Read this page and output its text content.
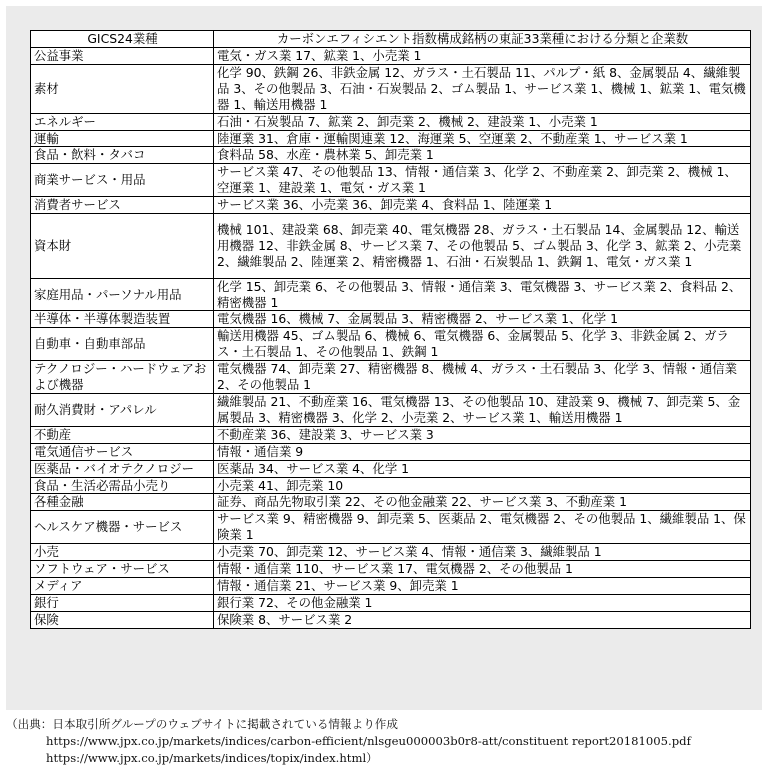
GICS24業種	カーボンエフィシエント指数構成銘柄の東証33業種における分類と企業数
公益事業	電気・ガス業 17、鉱業 1、小売業 1
素材	化学 90、鉄鋼 26、非鉄金属 12、ガラス・土石製品 11、パルプ・紙 8、金属製品 4、繊維製品 3、その他製品 3、石油・石炭製品 2、ゴム製品 1、サービス業 1、機械 1、鉱業 1、電気機器 1、輸送用機器 1
エネルギー	石油・石炭製品 7、鉱業 2、卸売業 2、機械 2、建設業 1、小売業 1
運輸	陸運業 31、倉庫・運輸関連業 12、海運業 5、空運業 2、不動産業 1、サービス業 1
食品・飲料・タバコ	食料品 58、水産・農林業 5、卸売業 1
商業サービス・用品	サービス業 47、その他製品 13、情報・通信業 3、化学 2、不動産業 2、卸売業 2、機械 1、空運業 1、建設業 1、電気・ガス業 1
消費者サービス	サービス業 36、小売業 36、卸売業 4、食料品 1、陸運業 1
資本財	機械 101、建設業 68、卸売業 40、電気機器 28、ガラス・土石製品 14、金属製品 12、輸送用機器 12、非鉄金属 8、サービス業 7、その他製品 5、ゴム製品 3、化学 3、鉱業 2、小売業 2、繊維製品 2、陸運業 2、精密機器 1、石油・石炭製品 1、鉄鋼 1、電気・ガス業 1
家庭用品・パーソナル用品	化学 15、卸売業 6、その他製品 3、情報・通信業 3、電気機器 3、サービス業 2、食料品 2、精密機器 1
半導体・半導体製造装置	電気機器 16、機械 7、金属製品 3、精密機器 2、サービス業 1、化学 1
自動車・自動車部品	輸送用機器 45、ゴム製品 6、機械 6、電気機器 6、金属製品 5、化学 3、非鉄金属 2、ガラス・土石製品 1、その他製品 1、鉄鋼 1
テクノロジー・ハードウェアおよび機器	電気機器 74、卸売業 27、精密機器 8、機械 4、ガラス・土石製品 3、化学 3、情報・通信業 2、その他製品 1
耐久消費財・アパレル	繊維製品 21、不動産業 16、電気機器 13、その他製品 10、建設業 9、機械 7、卸売業 5、金属製品 3、精密機器 3、化学 2、小売業 2、サービス業 1、輸送用機器 1
不動産	不動産業 36、建設業 3、サービス業 3
電気通信サービス	情報・通信業 9
医薬品・バイオテクノロジー	医薬品 34、サービス業 4、化学 1
食品・生活必需品小売り	小売業 41、卸売業 10
各種金融	証券、商品先物取引業 22、その他金融業 22、サービス業 3、不動産業 1
ヘルスケア機器・サービス	サービス業 9、精密機器 9、卸売業 5、医薬品 2、電気機器 2、その他製品 1、繊維製品 1、保険業 1
小売	小売業 70、卸売業 12、サービス業 4、情報・通信業 3、繊維製品 1
ソフトウェア・サービス	情報・通信業 110、サービス業 17、電気機器 2、その他製品 1
メディア	情報・通信業 21、サービス業 9、卸売業 1
銀行	銀行業 72、その他金融業 1
保険	保険業 8、サービス業 2
（出典：日本取引所グループのウェブサイトに掲載されている情報より作成
https://www.jpx.co.jp/markets/indices/carbon-efficient/nlsgeu000003b0r8-att/constituent report20181005.pdf
https://www.jpx.co.jp/markets/indices/topix/index.html）
